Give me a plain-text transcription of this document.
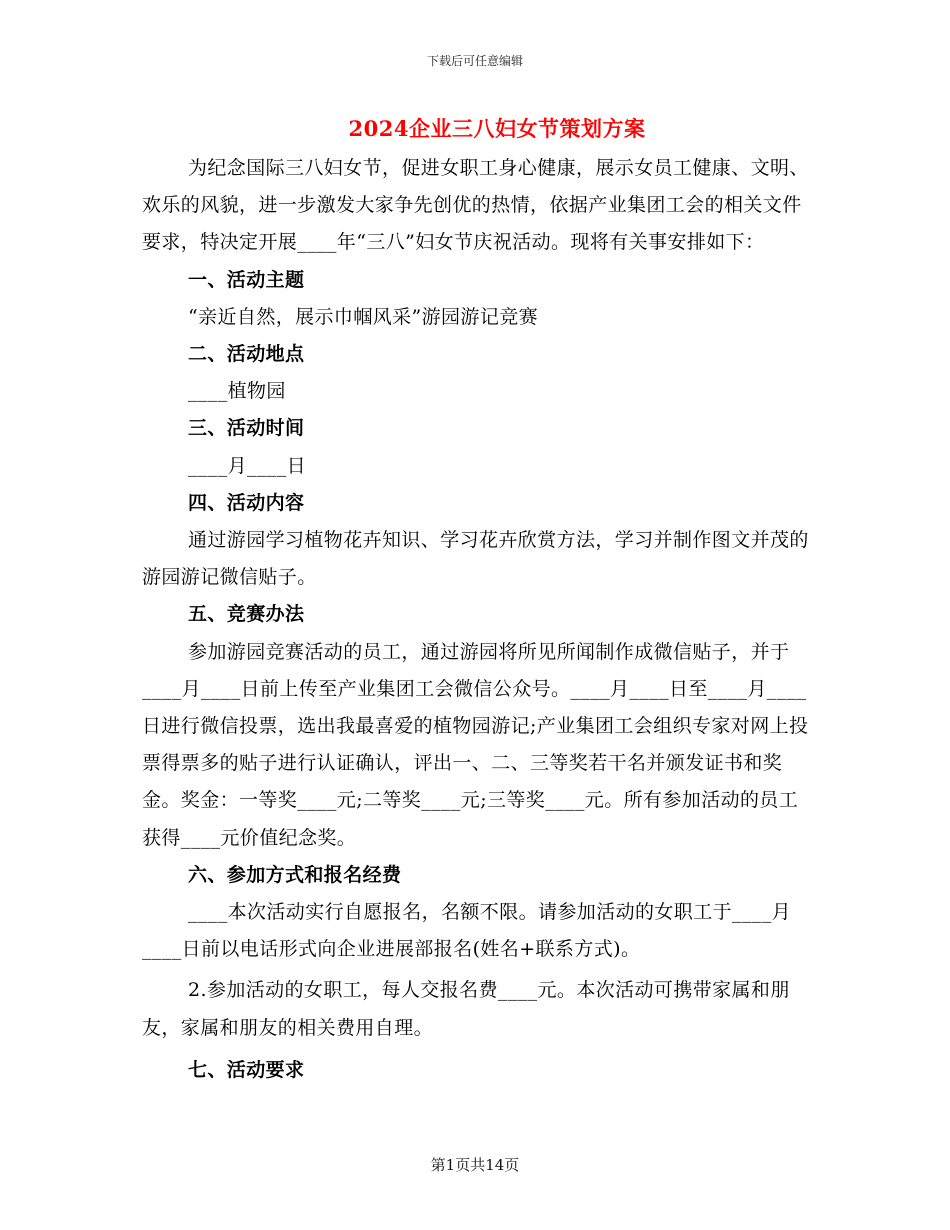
下载后可任意编辑
2024企业三八妇女节策划方案

为纪念国际三八妇女节，促进女职工身心健康，展示女员工健康、文明、欢乐的风貌，进一步激发大家争先创优的热情，依据产业集团工会的相关文件要求，特决定开展____年“三八”妇女节庆祝活动。现将有关事安排如下：

一、活动主题

“亲近自然，展示巾帼风采”游园游记竞赛

二、活动地点

____植物园

三、活动时间

____月____日

四、活动内容

通过游园学习植物花卉知识、学习花卉欣赏方法，学习并制作图文并茂的游园游记微信贴子。

五、竞赛办法

参加游园竞赛活动的员工，通过游园将所见所闻制作成微信贴子，并于____月____日前上传至产业集团工会微信公众号。____月____日至____月____日进行微信投票，选出我最喜爱的植物园游记;产业集团工会组织专家对网上投票得票多的贴子进行认证确认，评出一、二、三等奖若干名并颁发证书和奖金。奖金：一等奖____元;二等奖____元;三等奖____元。所有参加活动的员工获得____元价值纪念奖。

六、参加方式和报名经费

____本次活动实行自愿报名，名额不限。请参加活动的女职工于____月____日前以电话形式向企业进展部报名(姓名+联系方式)。

2.参加活动的女职工，每人交报名费____元。本次活动可携带家属和朋友，家属和朋友的相关费用自理。

七、活动要求

第1页共14页
